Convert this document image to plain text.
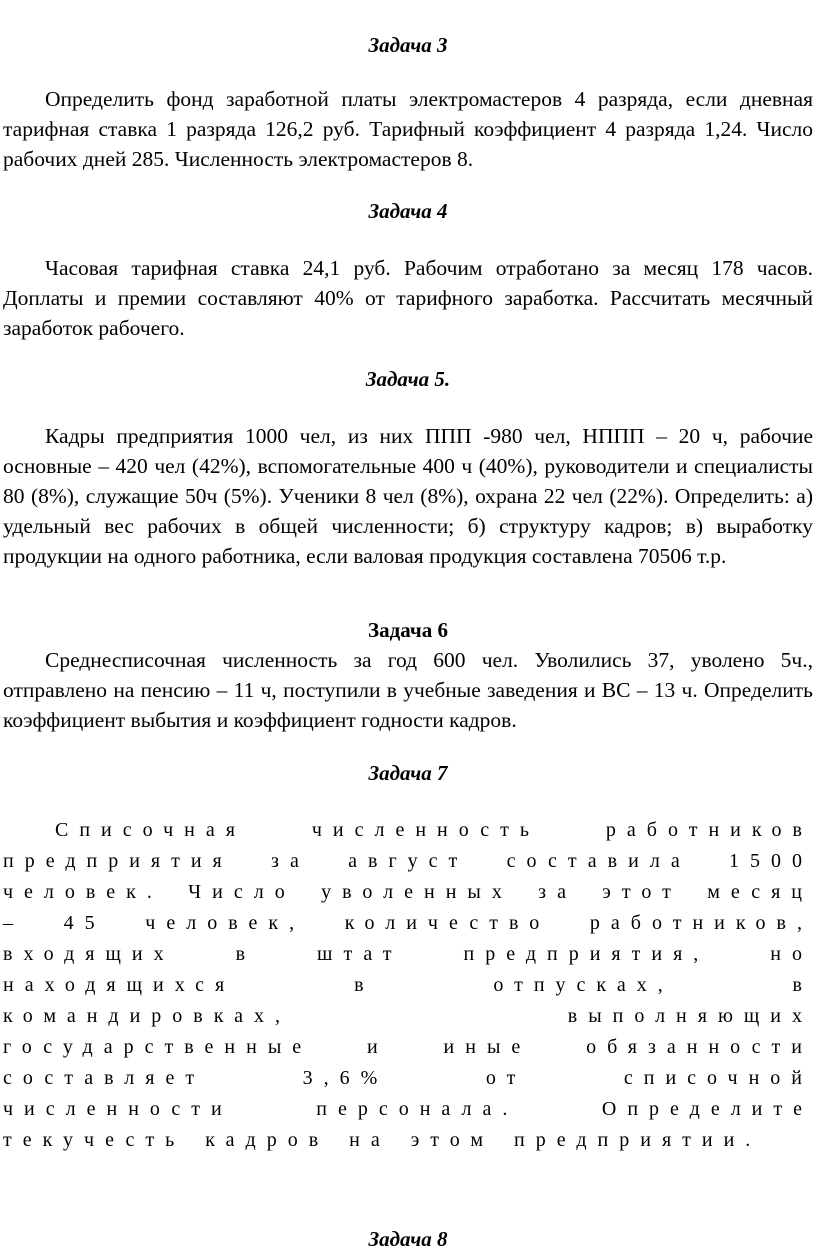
Задача 3

Определить фонд заработной платы электромастеров 4 разряда, если дневная тарифная ставка 1 разряда 126,2 руб. Тарифный коэффициент 4 разряда 1,24. Число рабочих дней 285. Численность электромастеров 8.

Задача 4

Часовая тарифная ставка 24,1 руб. Рабочим отработано за месяц 178 часов. Доплаты и премии составляют 40% от тарифного заработка. Рассчитать месячный заработок рабочего.

Задача 5.

Кадры предприятия 1000 чел, из них ППП -980 чел, НППП – 20 ч, рабочие основные – 420 чел (42%), вспомогательные 400 ч (40%), руководители и специалисты 80 (8%), служащие 50ч (5%). Ученики 8 чел (8%), охрана 22 чел (22%). Определить: а) удельный вес рабочих в общей численности; б) структуру кадров; в) выработку продукции на одного работника, если валовая продукция составлена 70506 т.р.

Задача 6

Среднесписочная численность за год 600 чел. Уволились 37, уволено 5ч., отправлено на пенсию – 11 ч, поступили в учебные заведения и ВС – 13 ч. Определить коэффициент выбытия и коэффициент годности кадров.

Задача 7

Списочная численность работников предприятия за август составила 1500 человек. Число уволенных за этот месяц – 45 человек, количество работников, входящих в штат предприятия, но находящихся в отпусках, в командировках, выполняющих государственные и иные обязанности составляет 3,6% от списочной численности персонала. Определите текучесть кадров на этом предприятии.

Задача 8
